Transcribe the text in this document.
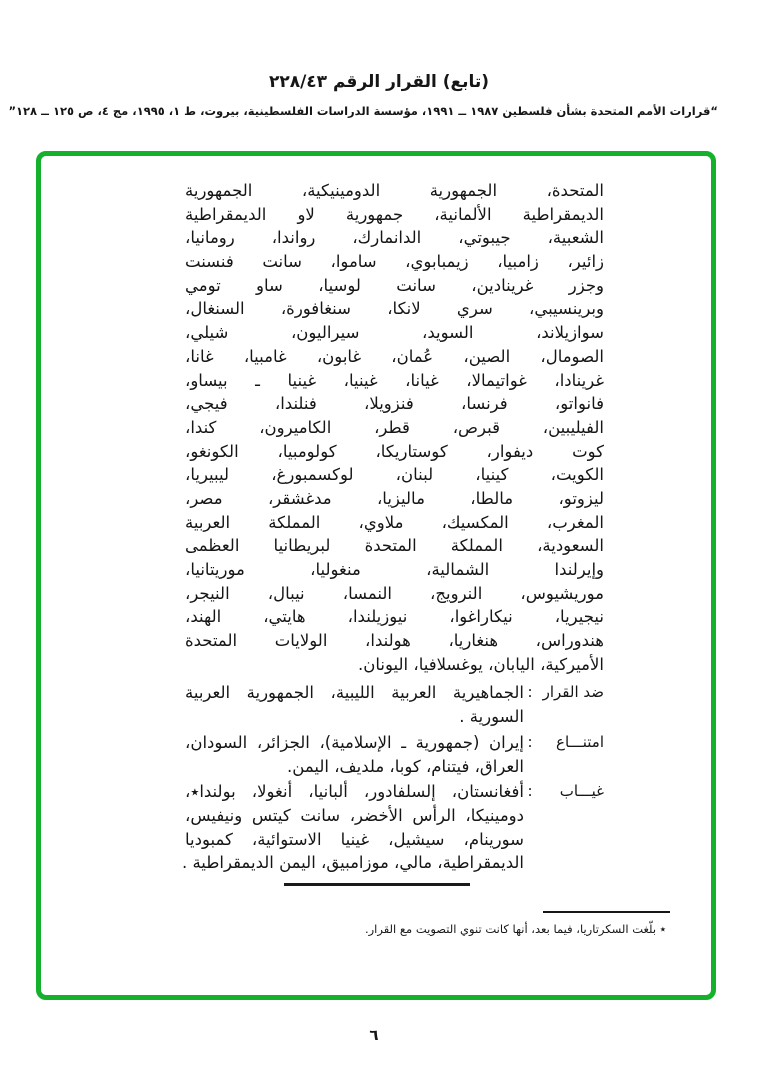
(تابع) القرار الرقم ٢٢٨/٤٣
“قرارات الأمم المتحدة بشأن فلسطين ١٩٨٧ ــ ١٩٩١، مؤسسة الدراسات الفلسطينية، بيروت، ط ١، ١٩٩٥، مج ٤، ص ١٢٥ ــ ١٢٨”
المتحدة، الجمهورية الدومينيكية، الجمهورية
الديمقراطية الألمانية، جمهورية لاو الديمقراطية
الشعبية، جيبوتي، الدانمارك، رواندا، رومانيا،
زائير، زامبيا، زيمبابوي، ساموا، سانت فنسنت
وجزر غرينادين، سانت لوسيا، ساو تومي
وبرينسيبي، سري لانكا، سنغافورة، السنغال،
سوازيلاند، السويد، سيراليون، شيلي،
الصومال، الصين، عُمان، غابون، غامبيا، غانا،
غرينادا، غواتيمالا، غيانا، غينيا، غينيا ـ بيساو،
فانواتو، فرنسا، فنزويلا، فنلندا، فيجي،
الفيليبين، قبرص، قطر، الكاميرون، كندا،
كوت ديفوار، كوستاريكا، كولومبيا، الكونغو،
الكويت، كينيا، لبنان، لوكسمبورغ، ليبيريا،
ليزوتو، مالطا، ماليزيا، مدغشقر، مصر،
المغرب، المكسيك، ملاوي، المملكة العربية
السعودية، المملكة المتحدة لبريطانيا العظمى
وإيرلندا الشمالية، منغوليا، موريتانيا،
موريشيوس، النرويج، النمسا، نيبال، النيجر،
نيجيريا، نيكاراغوا، نيوزيلندا، هايتي، الهند،
هندوراس، هنغاريا، هولندا، الولايات المتحدة
الأميركية، اليابان، يوغسلافيا، اليونان.
ضد القرار
:
الجماهيرية العربية الليبية، الجمهورية العربية
السورية .
امتنـــاع
:
إيران (جمهورية ـ الإسلامية)، الجزائر، السودان،
العراق، فيتنام، كوبا، ملديف، اليمن.
غيـــاب
:
أفغانستان، إلسلفادور، ألبانيا، أنغولا، بولندا٭،
دومينيكا، الرأس الأخضر، سانت كيتس ونيفيس،
سورينام، سيشيل، غينيا الاستوائية، كمبوديا
الديمقراطية، مالي، موزامبيق، اليمن الديمقراطية .
٭ بلّغت السكرتاريا، فيما بعد، أنها كانت تنوي التصويت مع القرار.
٦
